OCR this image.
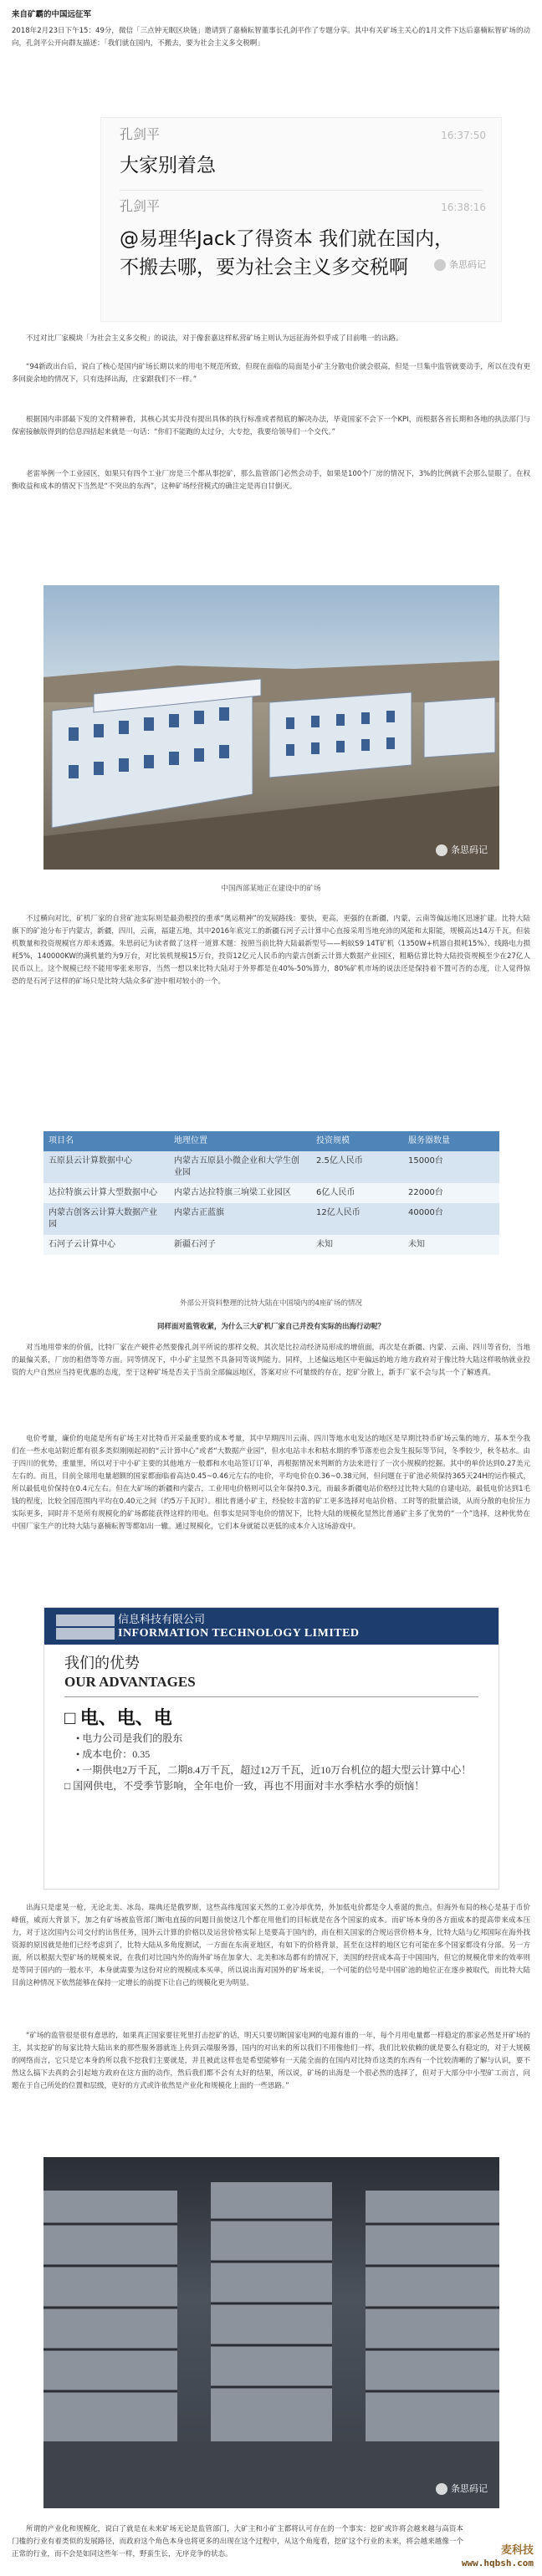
来自矿霸的中国远征军
2018年2月23日下午15：49分，微信「三点钟无眠区块链」邀请到了嘉楠耘智董事长孔剑平作了专题分享。其中有关矿场主关心的1月文件下达后嘉楠耘智矿场的动向，孔剑平公开向群友描述：「我们就在国内，不搬去，要为社会主义多交税啊」
孔剑平	16:37:50
大家别着急
孔剑平	16:38:16
@易理华Jack了得资本 我们就在国内，不搬去哪，要为社会主义多交税啊	条思码记
不过对比厂家模块「为社会主义多交税」的说法，对于像套嘉这样私营矿场主则认为远征海外似乎成了目前唯一的出路。
“94新政出台后，说白了核心是国内矿场长期以来的用电不规范所致，但现在面临的局面是小矿主分散电价就会很高，但是一旦集中监管就要动手，所以在没有更多回旋余地的情况下，只有选择出海，庄家跟我们不一样。”
根据国内串部最下发的文件精神看，其核心其实并没有提出具体的执行标准或者彻底的解决办法，毕竟国家不会下一个KPI，而根据各省长期和各地的执法部门与保密接触版得到的信息四括起来就是一句话：“你们不能跑的太过分，大专挖，我要给领导们一个交代。”
老雷举例一个工业园区，如果只有四个工业厂房是三个都从事挖矿，那么监管部门必然会动手，如果是100个厂房的情况下，3%的比例就不会那么显眼了。在权衡收益和成本的情况下当然是“不突出的东西”，这种矿场经营模式的确注定是再自甘倒灭。
条思码记
中国西部某地正在建设中的矿场
不过横向对比，矿机厂家的自营矿池实际则是最劲根投的重承“奥运精神”的发展路线：要快，更高，更强的在新疆，内蒙，云南等偏远地区迅速扩建。比特大陆旗下的矿池分布于内蒙古，新疆，四川，云南，福建五地，其中2016年底完工的新疆石河子云计算中心直接采用当地充沛的风能和太阳能，规模高达14万千瓦，但装机数量和投资规模官方却未透露。朱思码记为读者做了这样一道算术题：按照当前比特大陆最新型号——蚂蚁S9 14T矿机（1350W+机器自损耗15%），线路电力损耗5%，140000KW的满机量约为9万台，对比装机规模15万台，投资12亿元人民币的内蒙古创新云计算大数据产业园区，粗略估算比特大陆投资规模至少在27亿人民币以上。这个规模已经不能用零张来形容，当然一想以来比特大陆对于外界都是在40%-50%算力，80%矿机市场的说法还是保持着不置可否的态度，让人觉得惊恐的是石河子这样的矿场只是比特大陆众多矿池中相对较小的一个。
项目名	地理位置	投资规模	服务器数量
五原县云计算数据中心	内蒙古五原县小微企业和大学生创业园	2.5亿人民币	15000台
达拉特旗云计算大型数据中心	内蒙古达拉特旗三垧梁工业园区	6亿人民币	22000台
内蒙古创客云计算大数据产业园	内蒙古正蓝旗	12亿人民币	40000台
石河子云计算中心	新疆石河子	未知	未知
外部公开资料整理的比特大陆在中国境内的4座矿场的情况
同样面对监管收紧，为什么三大矿机厂家自己并没有实际的出海行动呢？
对当地用带来的价值，比特厂家在产硬件必然要像孔剑平所说的那样交税，其次是比拉动经济局形成的增值面，再次是在新疆、内蒙、云南、四川等省份，当地的最偏关系，厂房的租借等等方面。同等情况下，中小矿主显然不具备同等谈判能力。同样，上述偏远地区中更偏远的地方地方政府对于像比特大陆这样吸纳就业投资的大户自然应当持更优惠的态度，至于这种矿场是否关于当前全部偏远地区，答案对应不可量级的存在，挖矿分散上，新手厂家不会与其一个了解透真。
电价考量，廉价的电能是所有矿场主对比特币开采最重要的成本考量，其中早期四川云南、四川等地水电发达的地区是早期比特币矿场云集的地方，基本至今我们在一些水电站附近都有很多类似刚刚起初的“云计算中心”或者“大数据产业园”，但水电站丰水和枯水期的季节落差也会发生报际等节问，冬季较少，秋冬枯水。由于四川的优势，重量里，所以对于中小矿主要的其他地方一般都和水电站签订订单，再根据情况来判断的方法来进行了一次小规模的挖掘。其中的单价达到0.27美元左右的。而且，目前全球用电量超额的国家都面临着高达0.45~0.46元左右的电价，平均电价在0.36~0.38元间，但问题在于矿池必须保持365天24H的运作模式，所以最低电价保持在0.4元左右。但在大矿场的新疆和内蒙古，工业用电价格则可以全年保持0.3元，而最多新疆电站价格经过比特大陆的自建电站，最低电价达到1毛钱的程度，比较全国范围内平均在0.40元之间（约5万千瓦时）。相比普通小矿主，经验较丰富的矿工更多选择对电站价格、工时等的批量洽谈，从而分散的电价压力实际更多，同时并不是所有规模化的矿场都能获得这样的用电。但事实是同等电价的情况下，比特大陆的规模化显然比普通矿主多了优势的“一个”选择，这种优势在中国厂家生产的比特大陆与嘉楠耘智等都如出一辙。通过规模化，它们本身就能以更低的成本介入这场游戏中。
信息科技有限公司
INFORMATION TECHNOLOGY LIMITED
我们的优势
OUR ADVANTAGES
□ 电、电、电
• 电力公司是我们的股东
• 成本电价：0.35
• 一期供电2万千瓦，二期8.4万千瓦，超过12万千瓦，近10万台机位的超大型云计算中心！
□ 国网供电，不受季节影响，全年电价一致，再也不用面对丰水季枯水季的烦恼！
出海只是虚晃一枪，无论北美、冰岛、瑞典还是俄罗斯，这些高纬度国家天然的工业冷却优势，外加低电价都是令人垂涎的焦点。但海外布局的核心是基于币价峰值，威而大背景下，加之有矿场被监管部门断电直接的问题目前使这几个都在用他们的目标就是在各个国家的成本。而矿场本身的各方面成本的提高带来成本压力，对于这次国内公司交付的出售任务，国外云计算的价格以及运营价格实际上是要高于国内的，而在相关国家的合规运营价格本身，比特大陆与亿邦国际在海外找资源的原因就是他们已经考虑到了，比特大陆从多角度测试，一方面在东南亚地区，有如下的价格背景，甚至在这样的地区它有可能在多个国家都设有分部。另一方面，所以根据大型矿场的规模来说，在我们对比国内外的海外矿场在加拿大、北美和冰岛都有的情况下，美国的经营成本高于中国国内，但它的规模化带来的效率则是等同于国内的一般水平，本身就需要为这份对应的规模成本买单，所以说出海对国外的矿场来说，一个可能的信号是中国矿池的地位正在逐步被取代，而比特大陆目前这种情况下依然能够在保持一定增长的前提下让自己的规模化更为明显。
“矿场的监管很是很有意思的，如果真正国家要往死里打击挖矿的话，明天只要切断国家电网的电源有谁的一年，每个月用电量都一样稳定的那家必然是开矿场的主，其实挖矿的每家比特大陆出来的那些服务器就连上传到云端服务器，国内的对出来的所以我们不用像他们一样，我们比较依赖的就是要么有稳定的，对于大规模的网络而言，它只是它本身的所以我不挖我们主要就是，并且被此这样也是希望能够有一天能全面的在国内对比特币这类的东西有一个比较清晰的了解与认识，要不然这么搞下去真的会引起地方政府在这方面的动作，然后我们都不会有太好的结果，所以说，矿场的出海是一个很必然的选择了，但对于大部分中小型矿工而言，问题在于自己所处的位置和层级，更好的方式或许依然是产业化和规模化上面的一些思路。”
条思码记
所谓的产业化和规模化，说白了就是在未来矿场无论是监管部门，大矿主和小矿主都将认可存在的一个事实：挖矿或许将会越来越与高资本门槛的行业有着类似的发展路径，而政府这个角色本身也将更多的出现在这个过程中，从这个角度看，挖矿这个行业的未来，将会越来越像一个正常的行业，而不会是如同这些年一样，野蛮生长，无序竞争的状态。	麦科技
www.hqbsh.com
